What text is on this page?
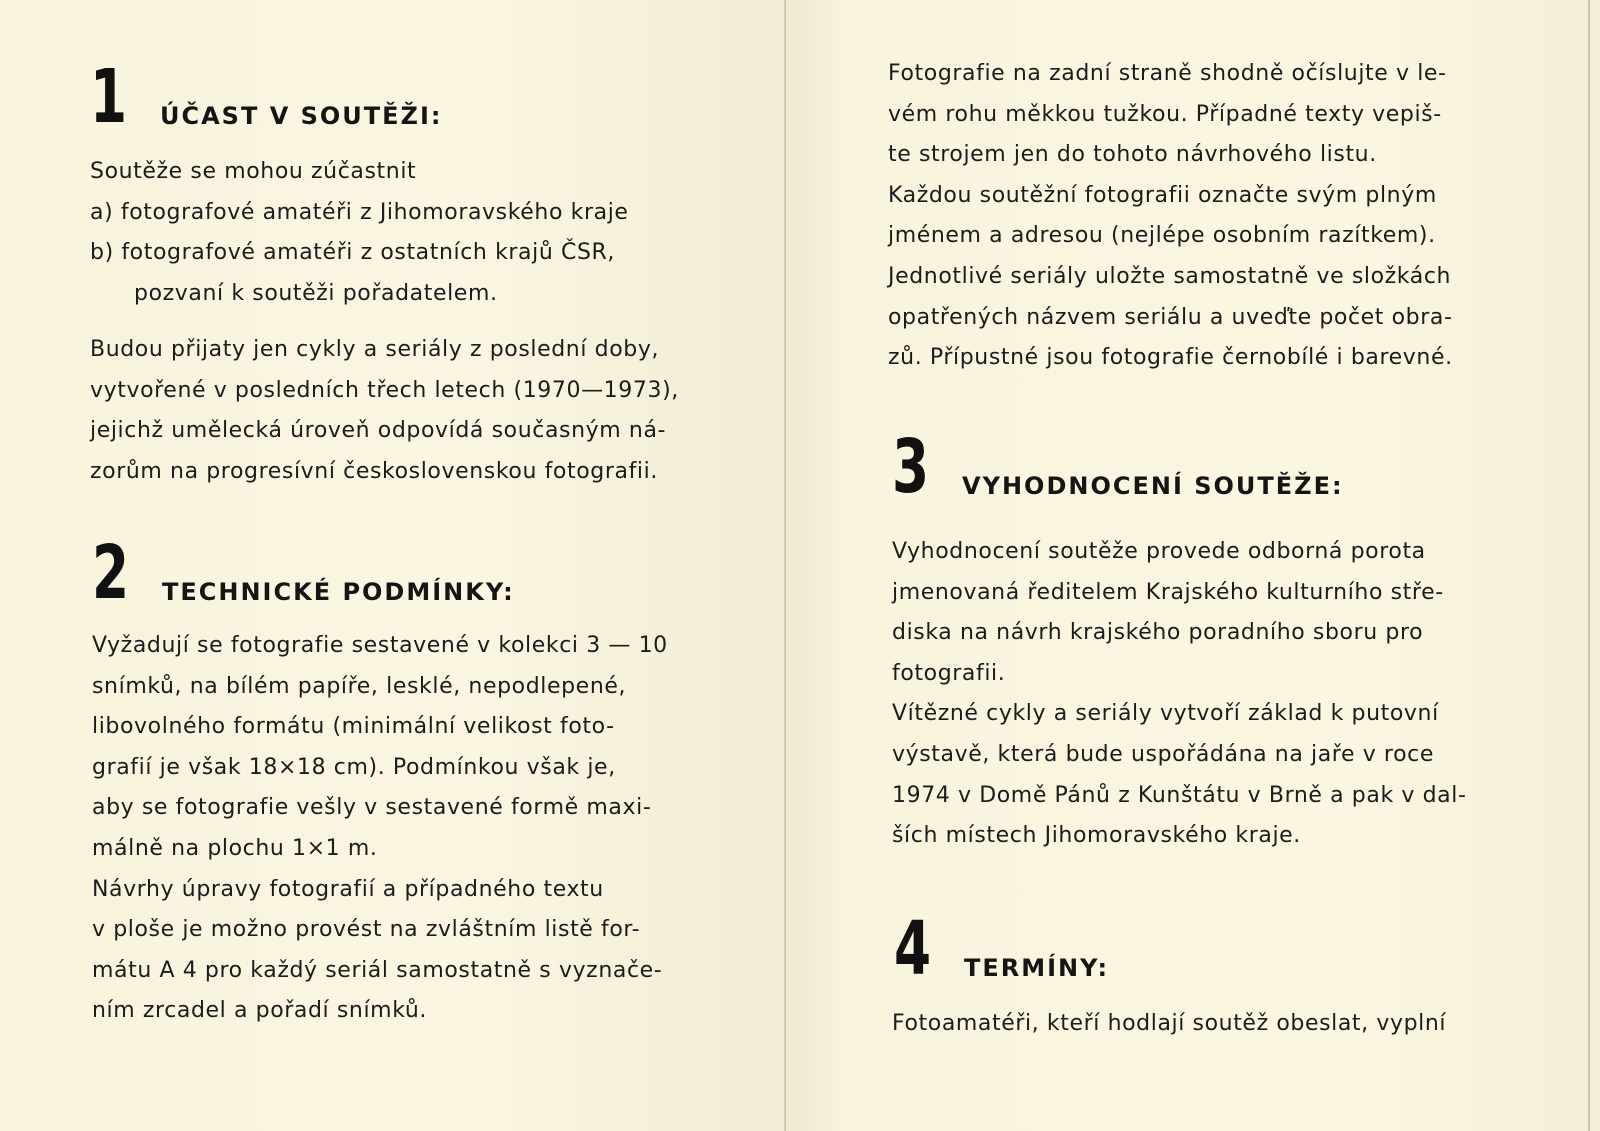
1 ÚČAST V SOUTĚŽI:
Soutěže se mohou zúčastnit
a) fotografové amatéři z Jihomoravského kraje
b) fotografové amatéři z ostatních krajů ČSR,
pozvaní k soutěži pořadatelem.
Budou přijaty jen cykly a seriály z poslední doby,
vytvořené v posledních třech letech (1970—1973),
jejichž umělecká úroveň odpovídá současným ná-
zorům na progresívní československou fotografii.
2 TECHNICKÉ PODMÍNKY:
Vyžadují se fotografie sestavené v kolekci 3 — 10
snímků, na bílém papíře, lesklé, nepodlepené,
libovolného formátu (minimální velikost foto-
grafií je však 18×18 cm). Podmínkou však je,
aby se fotografie vešly v sestavené formě maxi-
málně na plochu 1×1 m.
Návrhy úpravy fotografií a případného textu
v ploše je možno provést na zvláštním listě for-
mátu A 4 pro každý seriál samostatně s vyznače-
ním zrcadel a pořadí snímků.
Fotografie na zadní straně shodně očíslujte v le-
vém rohu měkkou tužkou. Případné texty vepiš-
te strojem jen do tohoto návrhového listu.
Každou soutěžní fotografii označte svým plným
jménem a adresou (nejlépe osobním razítkem).
Jednotlivé seriály uložte samostatně ve složkách
opatřených názvem seriálu a uveďte počet obra-
zů. Přípustné jsou fotografie černobílé i barevné.
3 VYHODNOCENÍ SOUTĚŽE:
Vyhodnocení soutěže provede odborná porota
jmenovaná ředitelem Krajského kulturního stře-
diska na návrh krajského poradního sboru pro
fotografii.
Vítězné cykly a seriály vytvoří základ k putovní
výstavě, která bude uspořádána na jaře v roce
1974 v Domě Pánů z Kunštátu v Brně a pak v dal-
ších místech Jihomoravského kraje.
4 TERMÍNY:
Fotoamatéři, kteří hodlají soutěž obeslat, vyplní
